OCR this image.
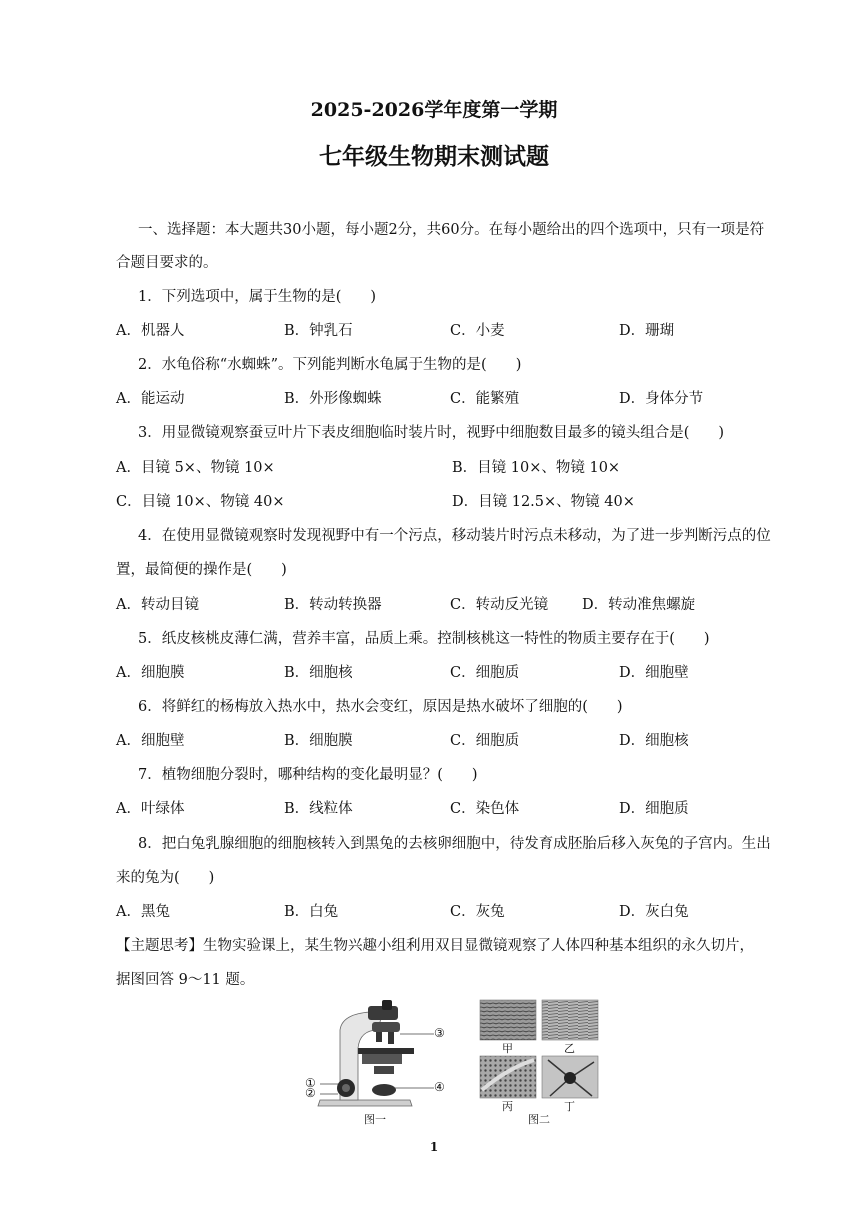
2025-2026学年度第一学期
七年级生物期末测试题
一、选择题：本大题共30小题，每小题2分，共60分。在每小题给出的四个选项中，只有一项是符
合题目要求的。
1．下列选项中，属于生物的是(　　)
A．机器人	B．钟乳石	C．小麦	D．珊瑚
2．水龟俗称“水蜘蛛”。下列能判断水龟属于生物的是(　　)
A．能运动	B．外形像蜘蛛	C．能繁殖	D．身体分节
3．用显微镜观察蚕豆叶片下表皮细胞临时装片时，视野中细胞数目最多的镜头组合是(　　)
A．目镜 5×、物镜 10×	B．目镜 10×、物镜 10×
C．目镜 10×、物镜 40×	D．目镜 12.5×、物镜 40×
4．在使用显微镜观察时发现视野中有一个污点，移动装片时污点未移动，为了进一步判断污点的位
置，最简便的操作是(　　)
A．转动目镜	B．转动转换器	C．转动反光镜 D．转动准焦螺旋
5．纸皮核桃皮薄仁满，营养丰富，品质上乘。控制核桃这一特性的物质主要存在于(　　)
A．细胞膜	B．细胞核	C．细胞质	D．细胞壁
6．将鲜红的杨梅放入热水中，热水会变红，原因是热水破坏了细胞的(　　)
A．细胞壁	B．细胞膜	C．细胞质	D．细胞核
7．植物细胞分裂时，哪种结构的变化最明显？(　　)
A．叶绿体	B．线粒体	C．染色体	D．细胞质
8．把白兔乳腺细胞的细胞核转入到黑兔的去核卵细胞中，待发育成胚胎后移入灰兔的子宫内。生出
来的兔为(　　)
A．黑兔	B．白兔	C．灰兔	D．灰白兔
【主题思考】生物实验课上，某生物兴趣小组利用双目显微镜观察了人体四种基本组织的永久切片，
据图回答 9～11 题。
③
④
①
②
图一
甲	乙
丙	丁
图二
1
